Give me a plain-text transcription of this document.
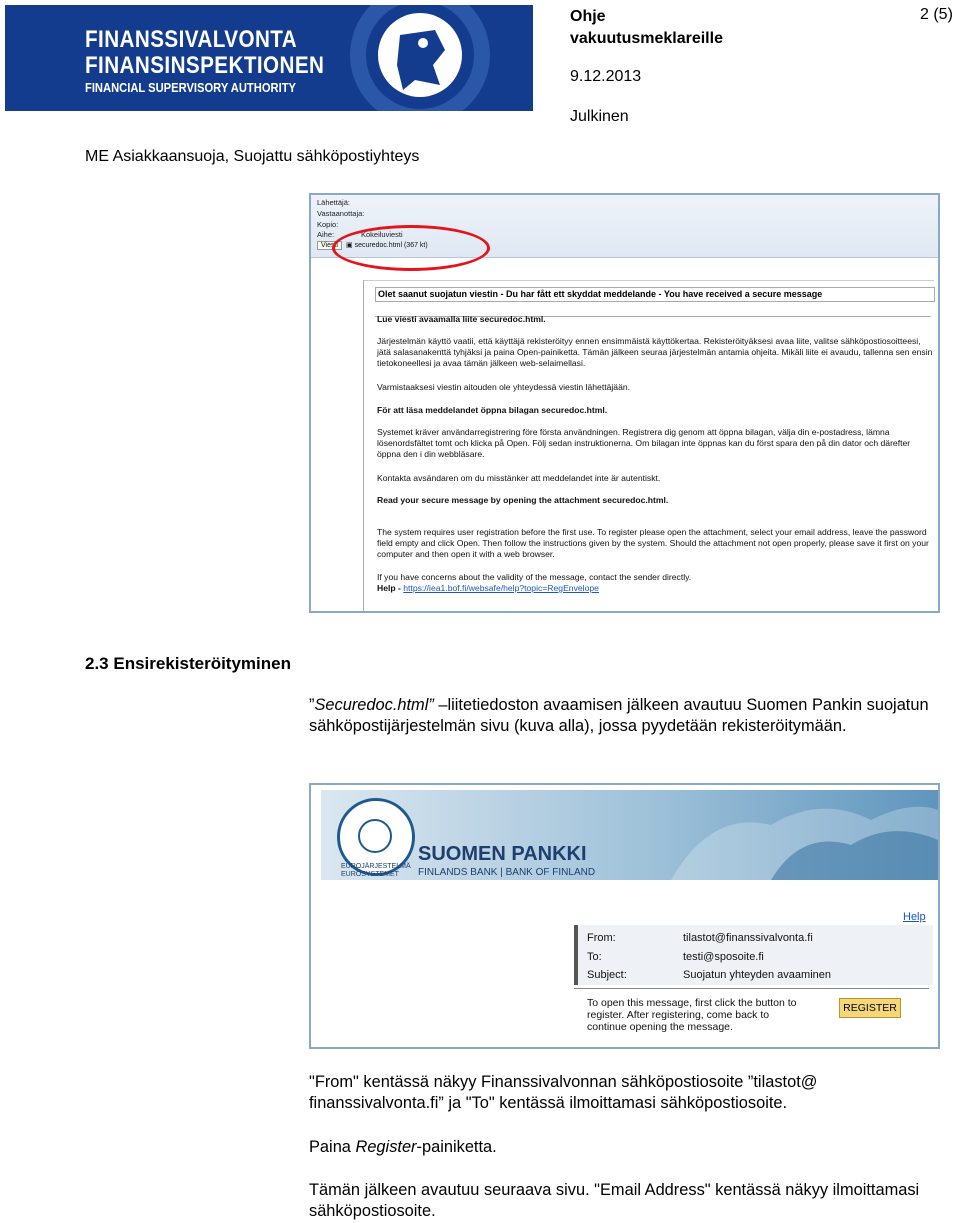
FINANSSIVALVONTA
FINANSINSPEKTIONEN
FINANCIAL SUPERVISORY AUTHORITY
Ohje
vakuutusmeklareille
2 (5)
9.12.2013
Julkinen
ME Asiakkaansuoja, Suojattu sähköpostiyhteys
Lähettäjä:
Vastaanottaja:
Kopio:
Aihe:	Kokeiluviesti
Viesti ▣ securedoc.html (367 kt)
Olet saanut suojatun viestin - Du har fått ett skyddat meddelande - You have received a secure message
Lue viesti avaamalla liite securedoc.html.
Järjestelmän käyttö vaatii, että käyttäjä rekisteröityy ennen ensimmäistä käyttökertaa. Rekisteröityäksesi avaa liite, valitse sähköpostiosoitteesi, jätä salasanakenttä tyhjäksi ja paina Open-painiketta. Tämän jälkeen seuraa järjestelmän antamia ohjeita. Mikäli liite ei avaudu, tallenna sen ensin tietokoneellesi ja avaa tämän jälkeen web-selaimellasi.
Varmistaaksesi viestin aitouden ole yhteydessä viestin lähettäjään.
För att läsa meddelandet öppna bilagan securedoc.html.
Systemet kräver användarregistrering före första användningen. Registrera dig genom att öppna bilagan, välja din e-postadress, lämna lösenordsfältet tomt och klicka på Open. Följ sedan instruktionerna. Om bilagan inte öppnas kan du först spara den på din dator och därefter öppna den i din webbläsare.
Kontakta avsändaren om du misstänker att meddelandet inte är autentiskt.
Read your secure message by opening the attachment securedoc.html.
The system requires user registration before the first use. To register please open the attachment, select your email address, leave the password field empty and click Open. Then follow the instructions given by the system. Should the attachment not open properly, please save it first on your computer and then open it with a web browser.
If you have concerns about the validity of the message, contact the sender directly.
Help - https://iea1.bof.fi/websafe/help?topic=RegEnvelope
2.3 Ensirekisteröityminen
”Securedoc.html” –liitetiedoston avaamisen jälkeen avautuu Suomen Pankin suojatun sähköpostijärjestelmän sivu (kuva alla), jossa pyydetään rekisteröitymään.
SUOMEN PANKKI
FINLANDS BANK | BANK OF FINLAND
EUROJÄRJESTELMÄ
EUROSYSTEMET
Help
From:	tilastot@finanssivalvonta.fi
To:	testi@sposoite.fi
Subject:	Suojatun yhteyden avaaminen
To open this message, first click the button to
register. After registering, come back to
continue opening the message.
REGISTER
"From" kentässä näkyy Finanssivalvonnan sähköpostiosoite ”tilastot@ finanssivalvonta.fi” ja "To" kentässä ilmoittamasi sähköpostiosoite.
Paina Register-painiketta.
Tämän jälkeen avautuu seuraava sivu. "Email Address" kentässä näkyy ilmoittamasi sähköpostiosoite.
